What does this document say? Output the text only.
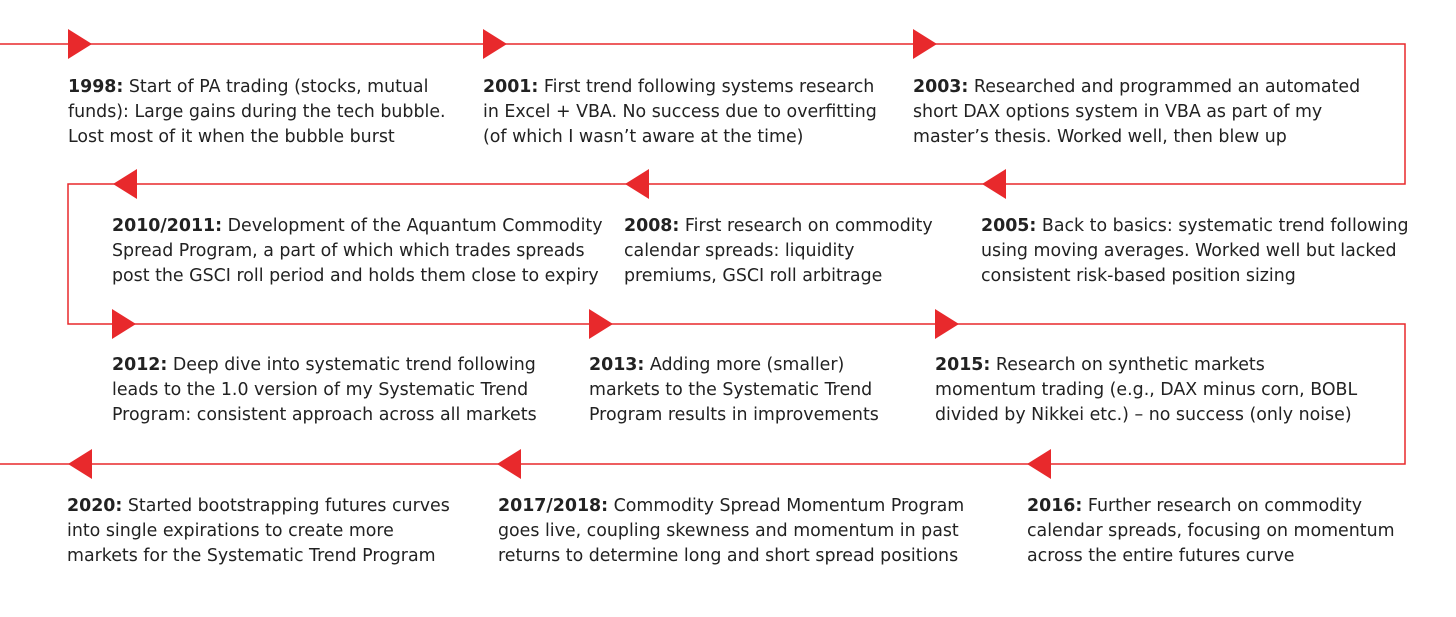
1998: Start of PA trading (stocks, mutual
funds): Large gains during the tech bubble.
Lost most of it when the bubble burst
2001: First trend following systems research
in Excel + VBA. No success due to overfitting
(of which I wasn’t aware at the time)
2003: Researched and programmed an automated
short DAX options system in VBA as part of my
master’s thesis. Worked well, then blew up
2005: Back to basics: systematic trend following
using moving averages. Worked well but lacked
consistent risk-based position sizing
2008: First research on commodity
calendar spreads: liquidity
premiums, GSCI roll arbitrage
2010/2011: Development of the Aquantum Commodity
Spread Program, a part of which which trades spreads
post the GSCI roll period and holds them close to expiry
2012: Deep dive into systematic trend following
leads to the 1.0 version of my Systematic Trend
Program: consistent approach across all markets
2013: Adding more (smaller)
markets to the Systematic Trend
Program results in improvements
2015: Research on synthetic markets
momentum trading (e.g., DAX minus corn, BOBL
divided by Nikkei etc.) – no success (only noise)
2016: Further research on commodity
calendar spreads, focusing on momentum
across the entire futures curve
2017/2018: Commodity Spread Momentum Program
goes live, coupling skewness and momentum in past
returns to determine long and short spread positions
2020: Started bootstrapping futures curves
into single expirations to create more
markets for the Systematic Trend Program
